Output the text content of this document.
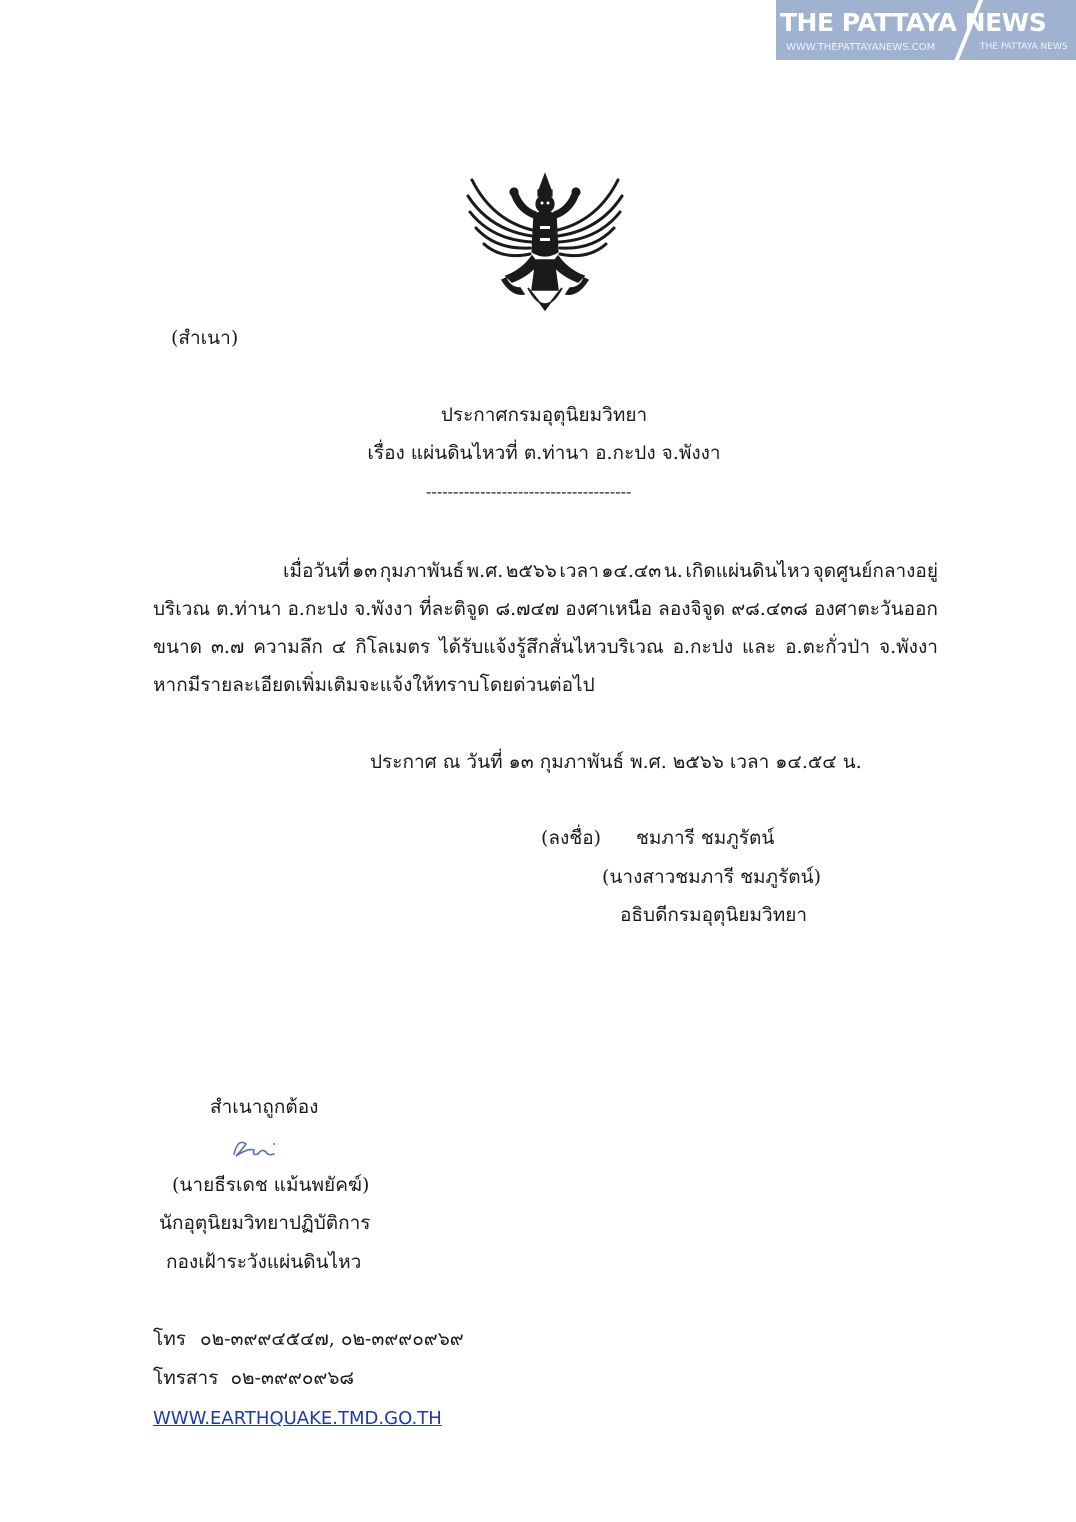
THE PATTAYA NEWS
WWW.THEPATTAYANEWS.COM	THE PATTAYA NEWS
(สำเนา)
ประกาศกรมอุตุนิยมวิทยา
เรื่อง แผ่นดินไหวที่ ต.ท่านา อ.กะปง จ.พังงา
--------------------------------------
เมื่อวันที่ ๑๓ กุมภาพันธ์ พ.ศ. ๒๕๖๖ เวลา ๑๔.๔๓ น. เกิดแผ่นดินไหว จุดศูนย์กลางอยู่
บริเวณ ต.ท่านา อ.กะปง จ.พังงา ที่ละติจูด ๘.๗๔๗ องศาเหนือ ลองจิจูด ๙๘.๔๓๘ องศาตะวันออก
ขนาด ๓.๗ ความลึก ๔ กิโลเมตร ได้รับแจ้งรู้สึกสั่นไหวบริเวณ อ.กะปง และ อ.ตะกั่วป่า จ.พังงา
หากมีรายละเอียดเพิ่มเติมจะแจ้งให้ทราบโดยด่วนต่อไป
ประกาศ ณ วันที่ ๑๓ กุมภาพันธ์ พ.ศ. ๒๕๖๖ เวลา ๑๔.๕๔ น.
(ลงชื่อ) ชมภารี ชมภูรัตน์
(นางสาวชมภารี ชมภูรัตน์)
อธิบดีกรมอุตุนิยมวิทยา
สำเนาถูกต้อง
(นายธีรเดช แม้นพยัคฆ์)
นักอุตุนิยมวิทยาปฏิบัติการ
กองเฝ้าระวังแผ่นดินไหว
โทร ๐๒-๓๙๙๔๕๔๗, ๐๒-๓๙๙๐๙๖๙
โทรสาร ๐๒-๓๙๙๐๙๖๘
WWW.EARTHQUAKE.TMD.GO.TH
